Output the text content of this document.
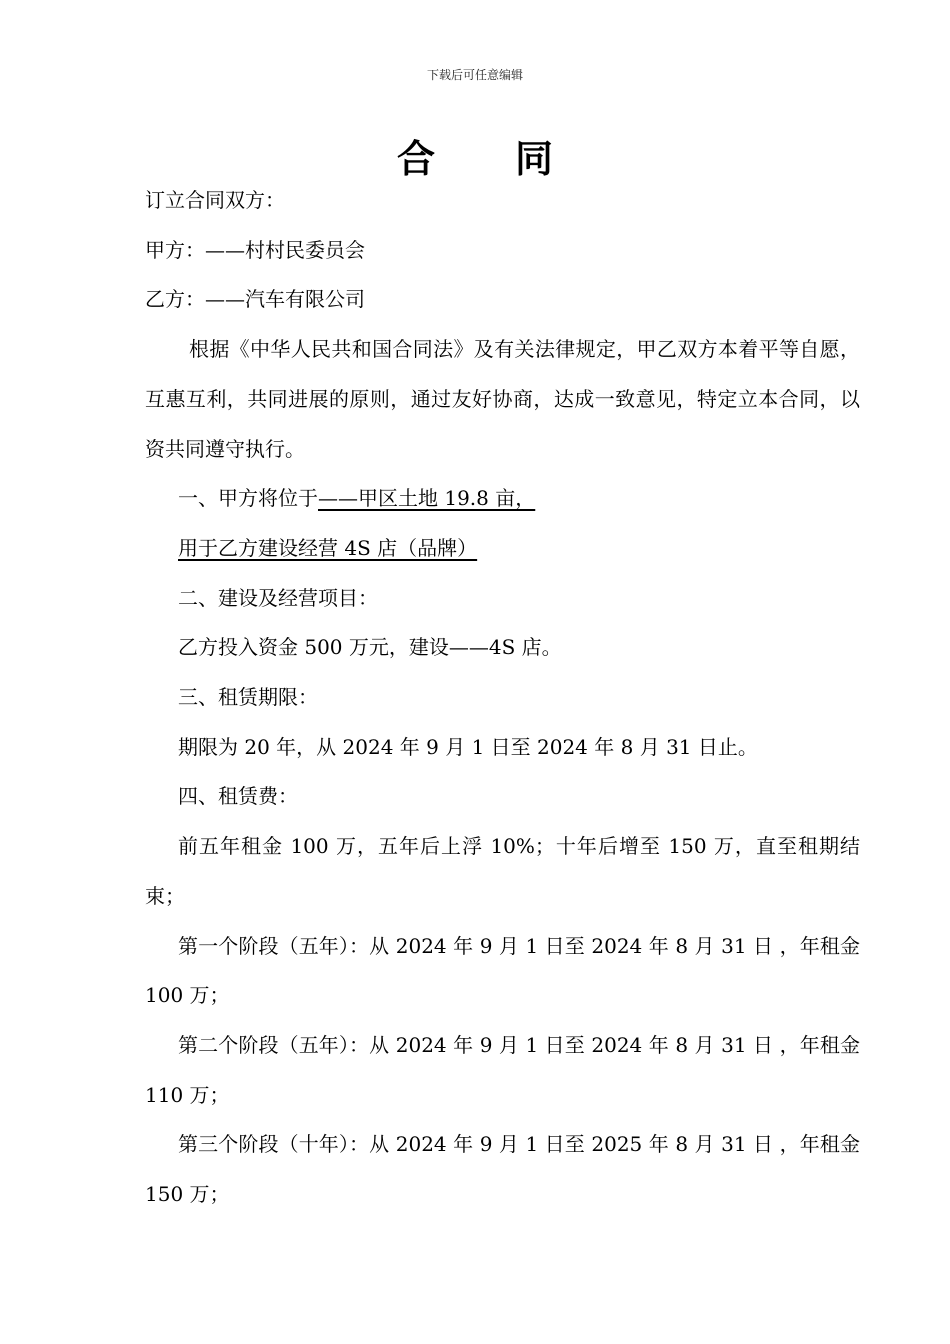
下载后可任意编辑
合同

订立合同双方：

甲方：——村村民委员会

乙方：——汽车有限公司

根据《中华人民共和国合同法》及有关法律规定，甲乙双方本着平等自愿，互惠互利，共同进展的原则，通过友好协商，达成一致意见，特定立本合同，以资共同遵守执行。

一、甲方将位于——甲区土地 19.8 亩，

用于乙方建设经营 4S 店（品牌）

二、建设及经营项目：

乙方投入资金 500 万元，建设——4S 店。

三、租赁期限：

期限为 20 年，从 2024 年 9 月 1 日至 2024 年 8 月 31 日止。

四、租赁费：

前五年租金 100 万，五年后上浮 10%；十年后增至 150 万，直至租期结束；

第一个阶段（五年）：从 2024 年 9 月 1 日至 2024 年 8 月 31 日 ，年租金 100 万；

第二个阶段（五年）：从 2024 年 9 月 1 日至 2024 年 8 月 31 日 ，年租金 110 万；

第三个阶段（十年）：从 2024 年 9 月 1 日至 2025 年 8 月 31 日 ，年租金 150 万；
